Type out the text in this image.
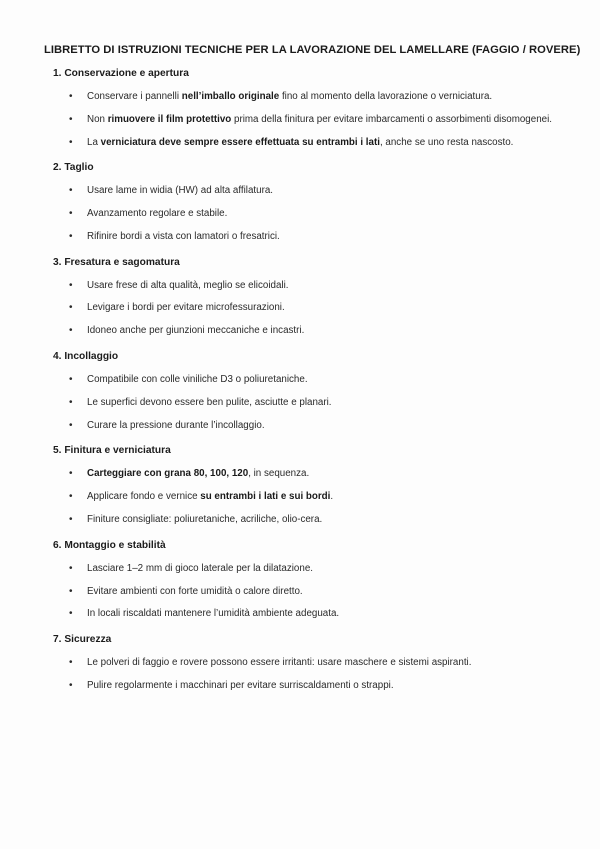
LIBRETTO DI ISTRUZIONI TECNICHE PER LA LAVORAZIONE DEL LAMELLARE (FAGGIO / ROVERE)
1. Conservazione e apertura
• Conservare i pannelli nell’imballo originale fino al momento della lavorazione o verniciatura.
• Non rimuovere il film protettivo prima della finitura per evitare imbarcamenti o assorbimenti disomogenei.
• La verniciatura deve sempre essere effettuata su entrambi i lati, anche se uno resta nascosto.
2. Taglio
• Usare lame in widia (HW) ad alta affilatura.
• Avanzamento regolare e stabile.
• Rifinire bordi a vista con lamatori o fresatrici.
3. Fresatura e sagomatura
• Usare frese di alta qualità, meglio se elicoidali.
• Levigare i bordi per evitare microfessurazioni.
• Idoneo anche per giunzioni meccaniche e incastri.
4. Incollaggio
• Compatibile con colle viniliche D3 o poliuretaniche.
• Le superfici devono essere ben pulite, asciutte e planari.
• Curare la pressione durante l’incollaggio.
5. Finitura e verniciatura
• Carteggiare con grana 80, 100, 120, in sequenza.
• Applicare fondo e vernice su entrambi i lati e sui bordi.
• Finiture consigliate: poliuretaniche, acriliche, olio-cera.
6. Montaggio e stabilità
• Lasciare 1–2 mm di gioco laterale per la dilatazione.
• Evitare ambienti con forte umidità o calore diretto.
• In locali riscaldati mantenere l’umidità ambiente adeguata.
7. Sicurezza
• Le polveri di faggio e rovere possono essere irritanti: usare maschere e sistemi aspiranti.
• Pulire regolarmente i macchinari per evitare surriscaldamenti o strappi.
